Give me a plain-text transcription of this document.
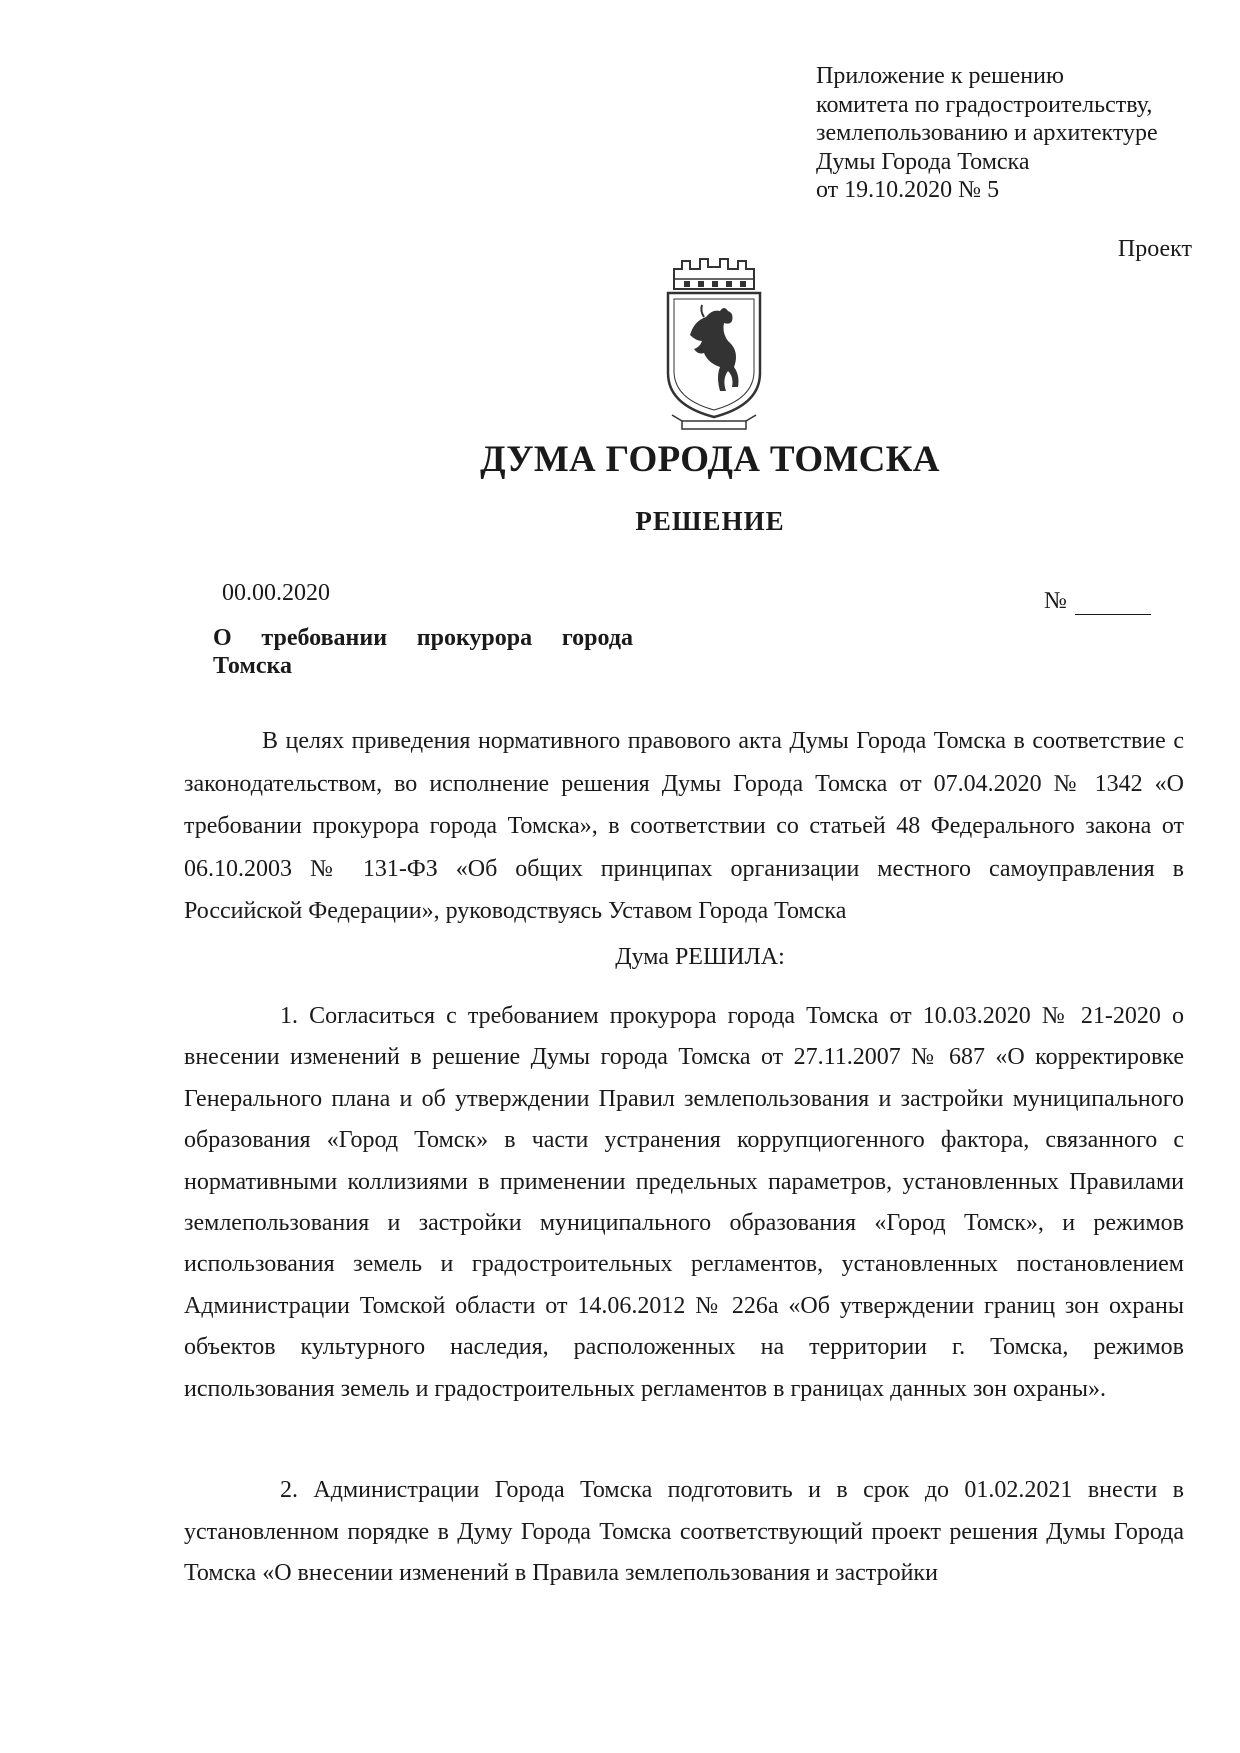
Приложение к решению
комитета по градостроительству,
землепользованию и архитектуре
Думы Города Томска
от 19.10.2020 № 5
Проект
ДУМА ГОРОДА ТОМСКА
РЕШЕНИЕ
00.00.2020	№
О требовании прокурора города
Томска

В целях приведения нормативного правового акта Думы Города Томска в соответствие с законодательством, во исполнение решения Думы Города Томска от 07.04.2020 № 1342 «О требовании прокурора города Томска», в соответствии со статьей 48 Федерального закона от 06.10.2003 № 131-ФЗ «Об общих принципах организации местного самоуправления в Российской Федерации», руководствуясь Уставом Города Томска

Дума РЕШИЛА:

1. Согласиться с требованием прокурора города Томска от 10.03.2020 № 21-2020 о внесении изменений в решение Думы города Томска от 27.11.2007 № 687 «О корректировке Генерального плана и об утверждении Правил землепользования и застройки муниципального образования «Город Томск» в части устранения коррупциогенного фактора, связанного с нормативными коллизиями в применении предельных параметров, установленных Правилами землепользования и застройки муниципального образования «Город Томск», и режимов использования земель и градостроительных регламентов, установленных постановлением Администрации Томской области от 14.06.2012 № 226а «Об утверждении границ зон охраны объектов культурного наследия, расположенных на территории г. Томска, режимов использования земель и градостроительных регламентов в границах данных зон охраны».

2. Администрации Города Томска подготовить и в срок до 01.02.2021 внести в установленном порядке в Думу Города Томска соответствующий проект решения Думы Города Томска «О внесении изменений в Правила землепользования и застройки
